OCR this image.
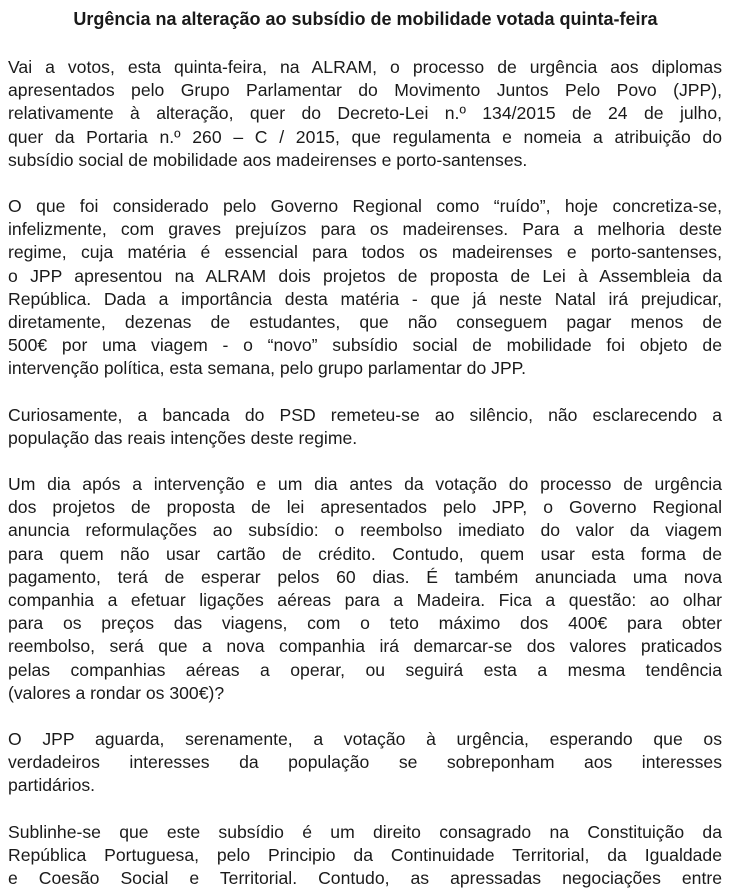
Urgência na alteração ao subsídio de mobilidade votada quinta-feira

Vai a votos, esta quinta-feira, na ALRAM, o processo de urgência aos diplomas
apresentados pelo Grupo Parlamentar do Movimento Juntos Pelo Povo (JPP),
relativamente à alteração, quer do Decreto-Lei n.º 134/2015 de 24 de julho,
quer da Portaria n.º 260 – C / 2015, que regulamenta e nomeia a atribuição do
subsídio social de mobilidade aos madeirenses e porto-santenses.

O que foi considerado pelo Governo Regional como “ruído”, hoje concretiza-se,
infelizmente, com graves prejuízos para os madeirenses. Para a melhoria deste
regime, cuja matéria é essencial para todos os madeirenses e porto-santenses,
o JPP apresentou na ALRAM dois projetos de proposta de Lei à Assembleia da
República. Dada a importância desta matéria - que já neste Natal irá prejudicar,
diretamente, dezenas de estudantes, que não conseguem pagar menos de
500€ por uma viagem - o “novo” subsídio social de mobilidade foi objeto de
intervenção política, esta semana, pelo grupo parlamentar do JPP.

Curiosamente, a bancada do PSD remeteu-se ao silêncio, não esclarecendo a
população das reais intenções deste regime.

Um dia após a intervenção e um dia antes da votação do processo de urgência
dos projetos de proposta de lei apresentados pelo JPP, o Governo Regional
anuncia reformulações ao subsídio: o reembolso imediato do valor da viagem
para quem não usar cartão de crédito. Contudo, quem usar esta forma de
pagamento, terá de esperar pelos 60 dias. É também anunciada uma nova
companhia a efetuar ligações aéreas para a Madeira. Fica a questão: ao olhar
para os preços das viagens, com o teto máximo dos 400€ para obter
reembolso, será que a nova companhia irá demarcar-se dos valores praticados
pelas companhias aéreas a operar, ou seguirá esta a mesma tendência
(valores a rondar os 300€)?

O JPP aguarda, serenamente, a votação à urgência, esperando que os
verdadeiros interesses da população se sobreponham aos interesses
partidários.

Sublinhe-se que este subsídio é um direito consagrado na Constituição da
República Portuguesa, pelo Principio da Continuidade Territorial, da Igualdade
e Coesão Social e Territorial. Contudo, as apressadas negociações entre
